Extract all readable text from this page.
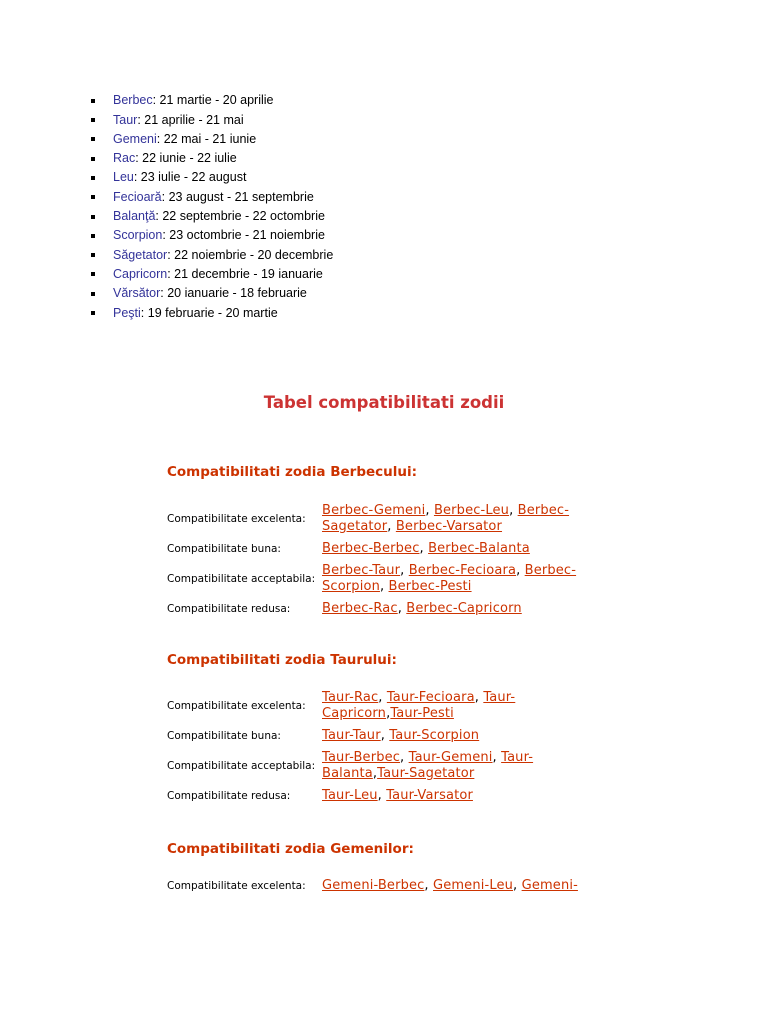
Berbec: 21 martie - 20 aprilie
Taur: 21 aprilie - 21 mai
Gemeni: 22 mai - 21 iunie
Rac: 22 iunie - 22 iulie
Leu: 23 iulie - 22 august
Fecioară: 23 august - 21 septembrie
Balanţă: 22 septembrie - 22 octombrie
Scorpion: 23 octombrie - 21 noiembrie
Săgetator: 22 noiembrie - 20 decembrie
Capricorn: 21 decembrie - 19 ianuarie
Vărsător: 20 ianuarie - 18 februarie
Peşti: 19 februarie - 20 martie
Tabel compatibilitati zodii
Compatibilitati zodia Berbecului:
Compatibilitate excelenta:
Berbec-Gemeni, Berbec-Leu, Berbec-Sagetator, Berbec-Varsator
Compatibilitate buna:	Berbec-Berbec, Berbec-Balanta
Compatibilitate acceptabila:
Berbec-Taur, Berbec-Fecioara, Berbec-Scorpion, Berbec-Pesti
Compatibilitate redusa:	Berbec-Rac, Berbec-Capricorn
Compatibilitati zodia Taurului:
Compatibilitate excelenta:
Taur-Rac, Taur-Fecioara, Taur-Capricorn,Taur-Pesti
Compatibilitate buna:	Taur-Taur, Taur-Scorpion
Compatibilitate acceptabila:
Taur-Berbec, Taur-Gemeni, Taur-Balanta,Taur-Sagetator
Compatibilitate redusa:	Taur-Leu, Taur-Varsator
Compatibilitati zodia Gemenilor:
Compatibilitate excelenta:	Gemeni-Berbec, Gemeni-Leu, Gemeni-
